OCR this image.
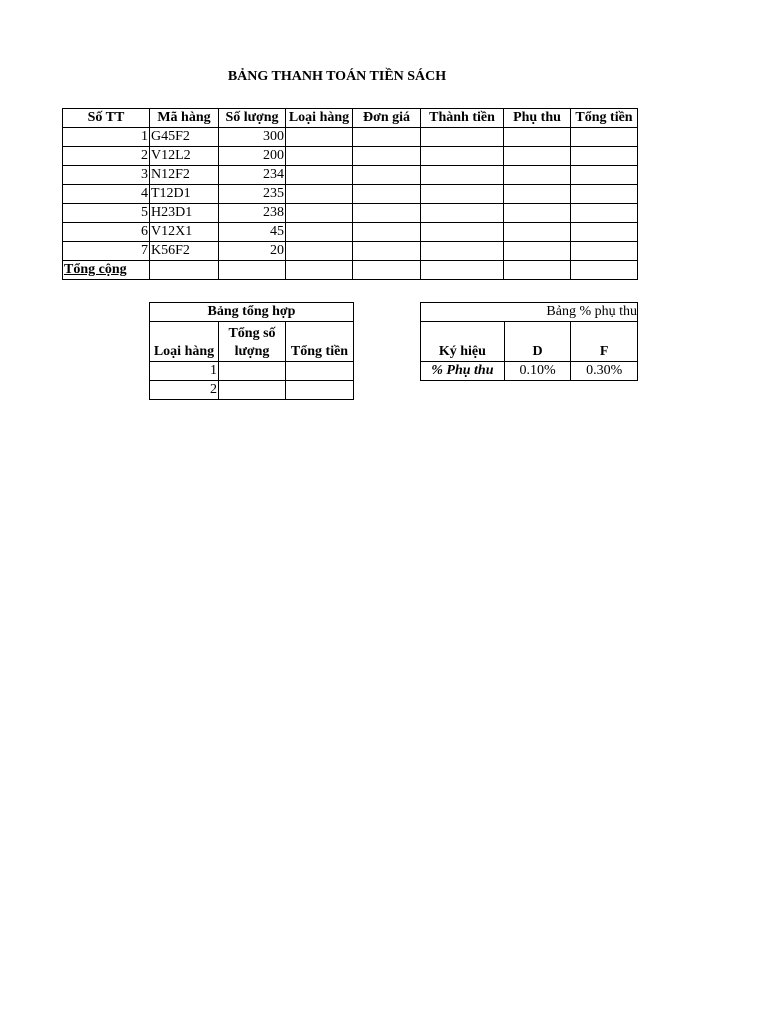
BẢNG THANH TOÁN TIỀN SÁCH
Số TT	Mã hàng	Số lượng	Loại hàng	Đơn giá	Thành tiền	Phụ thu	Tổng tiền
1	G45F2	300					
2	V12L2	200					
3	N12F2	234					
4	T12D1	235					
5	H23D1	238					
6	V12X1	45					
7	K56F2	20					
Tổng cộng							
Bảng tổng hợp		
Loại hàng	Tổng số lượng	Tổng tiền
1		
2		
Bảng % phụ thu		
Ký hiệu	D	F
% Phụ thu	0.10%	0.30%
